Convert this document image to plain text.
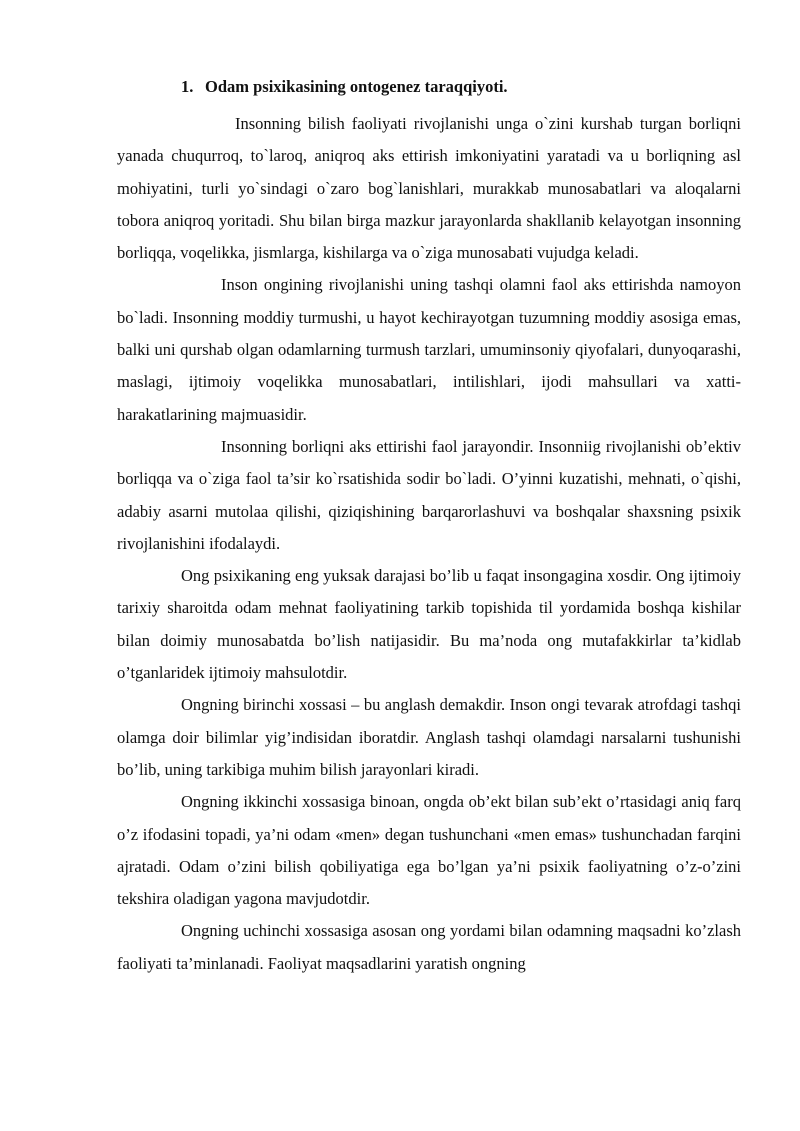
1. Odam psixikasining ontogenez taraqqiyoti.

Insonning bilish faoliyati rivojlanishi unga o`zini kurshab turgan borliqni yanada chuqurroq, to`laroq, aniqroq aks ettirish imkoniyatini yaratadi va u borliqning asl mohiyatini, turli yo`sindagi o`zaro bog`lanishlari, murakkab munosabatlari va aloqalarni tobora aniqroq yoritadi. Shu bilan birga mazkur jarayonlarda shakllanib kelayotgan insonning borliqqa, voqelikka, jismlarga, kishilarga va o`ziga munosabati vujudga keladi.

Inson ongining rivojlanishi uning tashqi olamni faol aks ettirishda namoyon bo`ladi. Insonning moddiy turmushi, u hayot kechirayotgan tuzumning moddiy asosiga emas, balki uni qurshab olgan odamlarning turmush tarzlari, umuminsoniy qiyofalari, dunyoqarashi, maslagi, ijtimoiy voqelikka munosabatlari, intilishlari, ijodi mahsullari va xatti-harakatlarining majmuasidir.

Insonning borliqni aks ettirishi faol jarayondir. Insonniig rivojlanishi ob’ektiv borliqqa va o`ziga faol ta’sir ko`rsatishida sodir bo`ladi. O’yinni kuzatishi, mehnati, o`qishi, adabiy asarni mutolaa qilishi, qiziqishining barqarorlashuvi va boshqalar shaxsning psixik rivojlanishini ifodalaydi.

Ong psixikaning eng yuksak darajasi bo’lib u faqat insongagina xosdir. Ong ijtimoiy tarixiy sharoitda odam mehnat faoliyatining tarkib topishida til yordamida boshqa kishilar bilan doimiy munosabatda bo’lish natijasidir. Bu ma’noda ong mutafakkirlar ta’kidlab o’tganlaridek ijtimoiy mahsulotdir.

Ongning birinchi xossasi – bu anglash demakdir. Inson ongi tevarak atrofdagi tashqi olamga doir bilimlar yig’indisidan iboratdir. Anglash tashqi olamdagi narsalarni tushunishi bo’lib, uning tarkibiga muhim bilish jarayonlari kiradi.

Ongning ikkinchi xossasiga binoan, ongda ob’ekt bilan sub’ekt o’rtasidagi aniq farq o’z ifodasini topadi, ya’ni odam «men» degan tushunchani «men emas» tushunchadan farqini ajratadi. Odam o’zini bilish qobiliyatiga ega bo’lgan ya’ni psixik faoliyatning o’z-o’zini tekshira oladigan yagona mavjudotdir.

Ongning uchinchi xossasiga asosan ong yordami bilan odamning maqsadni ko’zlash faoliyati ta’minlanadi. Faoliyat maqsadlarini yaratish ongning
